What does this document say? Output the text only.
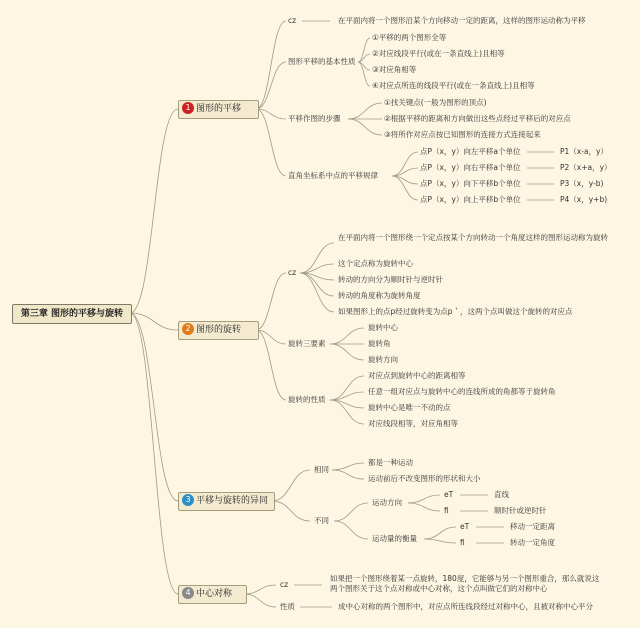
第三章 图形的平移与旋转
1 图形的平移
cz	在平面内将一个图形沿某个方向移动一定的距离，这样的图形运动称为平移
图形平移的基本性质
①平移的两个图形全等
②对应线段平行(或在一条直线上)且相等
③对应角相等
④对应点所连的线段平行(或在一条直线上)且相等
平移作图的步骤
①找关键点(一般为图形的顶点)
②根据平移的距离和方向做出这些点经过平移后的对应点
③将所作对应点按已知图形的连接方式连接起来
直角坐标系中点的平移规律
点P（x，y）向左平移a个单位
点P（x，y）向右平移a个单位
点P（x，y）向下平移b个单位
点P（x，y）向上平移b个单位
P1（x-a，y）
P2（x+a，y）
P3（x，y-b)
P4（x，y+b)
2 图形的旋转
cz
在平面内将一个图形绕一个定点按某个方向转动一个角度这样的图形运动称为旋转
这个定点称为旋转中心
转动的方向分为顺时针与逆时针
转动的角度称为旋转角度
如果图形上的点p经过旋转变为点p＇，这两个点叫做这个旋转的对应点
旋转三要素
旋转中心
旋转角
旋转方向
旋转的性质
对应点到旋转中心的距离相等
任意一组对应点与旋转中心的连线所成的角都等于旋转角
旋转中心是唯一不动的点
对应线段相等，对应角相等
3 平移与旋转的异同
相同
都是一种运动
运动前后不改变图形的形状和大小
不同
运动方向
eT
fi
直线
顺时针或逆时针
运动量的衡量
eT
fi
移动一定距离
转动一定角度
4 中心对称
cz
如果把一个图形绕着某一点旋转，180度，它能够与另一个图形重合，那么就说这两个图形关于这个点对称或中心对称，这个点叫做它们的对称中心
性质	成中心对称的两个图形中，对应点所连线段经过对称中心，且被对称中心平分
